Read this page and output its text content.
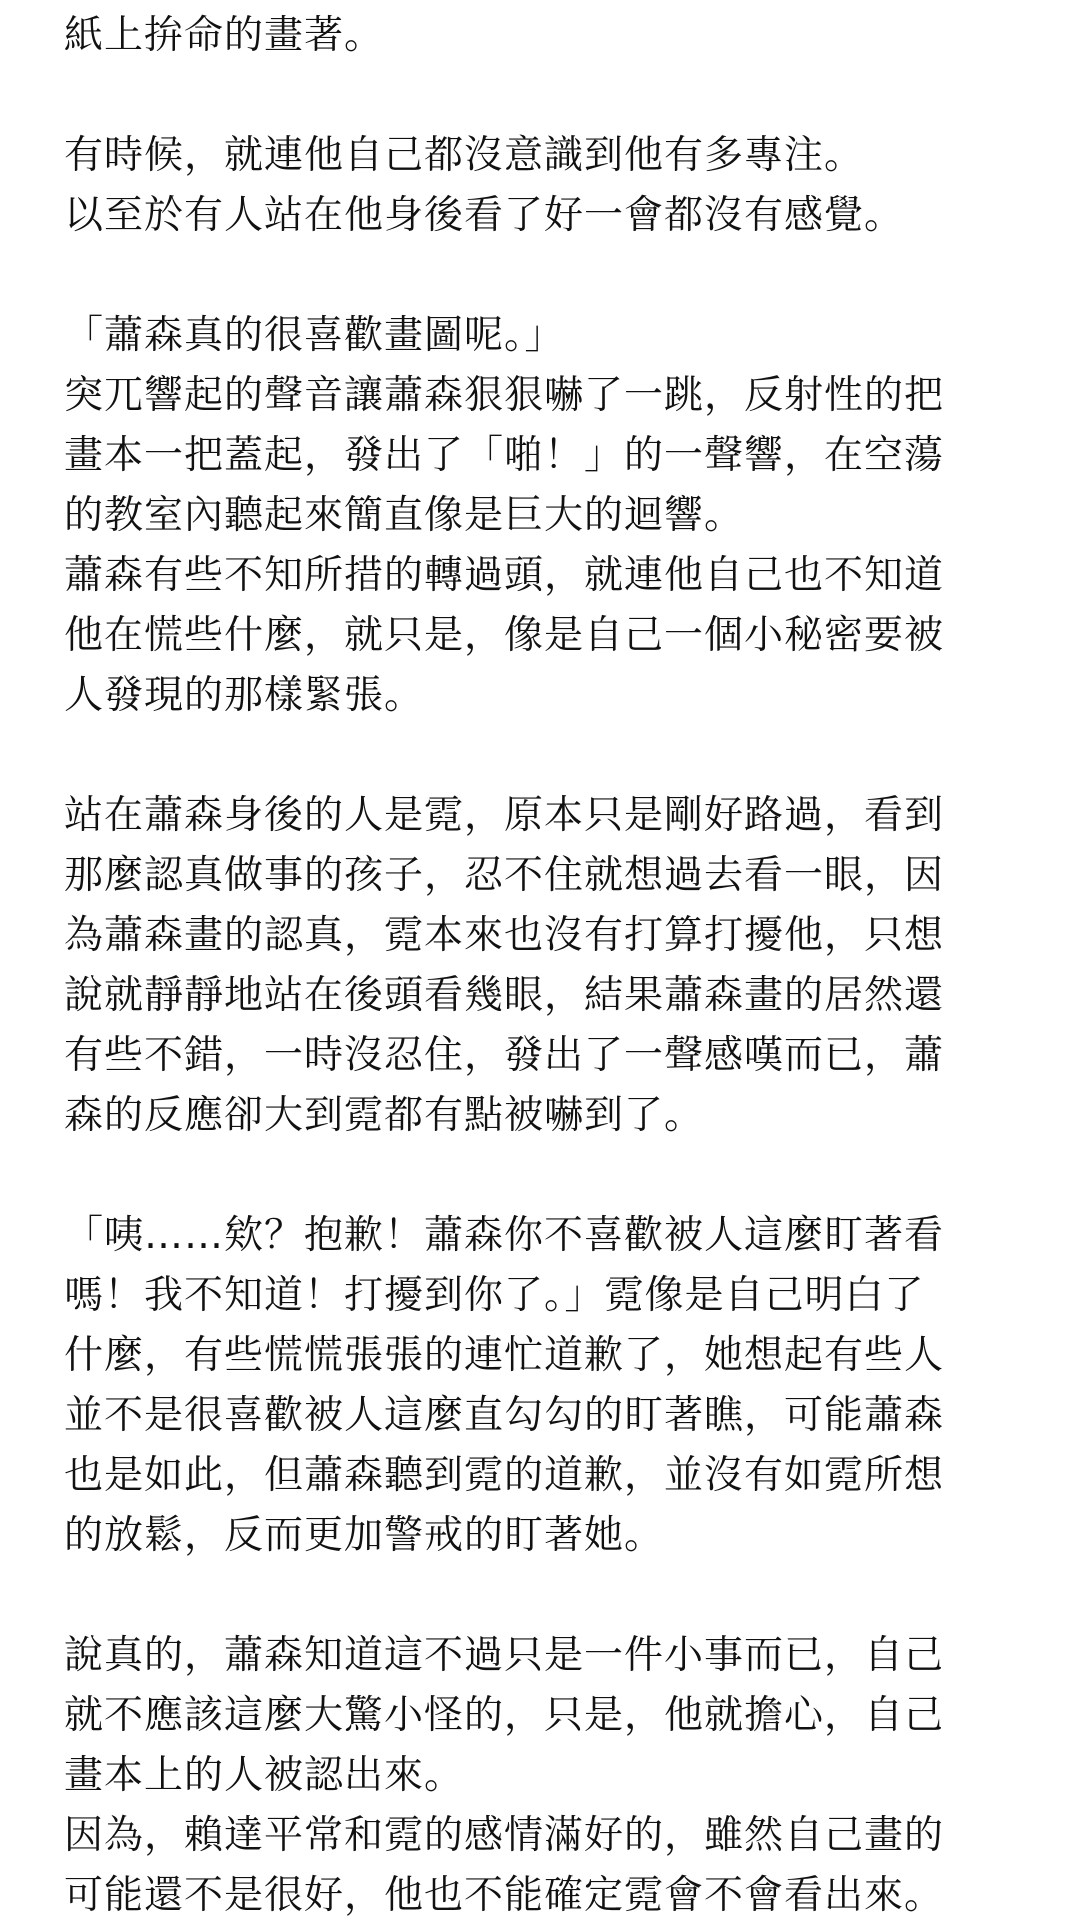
紙上拚命的畫著。
有時候，就連他自己都沒意識到他有多專注。
以至於有人站在他身後看了好一會都沒有感覺。
「蕭森真的很喜歡畫圖呢。」
突兀響起的聲音讓蕭森狠狠嚇了一跳，反射性的把
畫本一把蓋起，發出了「啪！」的一聲響，在空蕩
的教室內聽起來簡直像是巨大的迴響。
蕭森有些不知所措的轉過頭，就連他自己也不知道
他在慌些什麼，就只是，像是自己一個小秘密要被
人發現的那樣緊張。
站在蕭森身後的人是霓，原本只是剛好路過，看到
那麼認真做事的孩子，忍不住就想過去看一眼，因
為蕭森畫的認真，霓本來也沒有打算打擾他，只想
說就靜靜地站在後頭看幾眼，結果蕭森畫的居然還
有些不錯，一時沒忍住，發出了一聲感嘆而已，蕭
森的反應卻大到霓都有點被嚇到了。
「咦……欸？抱歉！蕭森你不喜歡被人這麼盯著看
嗎！我不知道！打擾到你了。」霓像是自己明白了
什麼，有些慌慌張張的連忙道歉了，她想起有些人
並不是很喜歡被人這麼直勾勾的盯著瞧，可能蕭森
也是如此，但蕭森聽到霓的道歉，並沒有如霓所想
的放鬆，反而更加警戒的盯著她。
說真的，蕭森知道這不過只是一件小事而已，自己
就不應該這麼大驚小怪的，只是，他就擔心，自己
畫本上的人被認出來。
因為，賴達平常和霓的感情滿好的，雖然自己畫的
可能還不是很好，他也不能確定霓會不會看出來。
